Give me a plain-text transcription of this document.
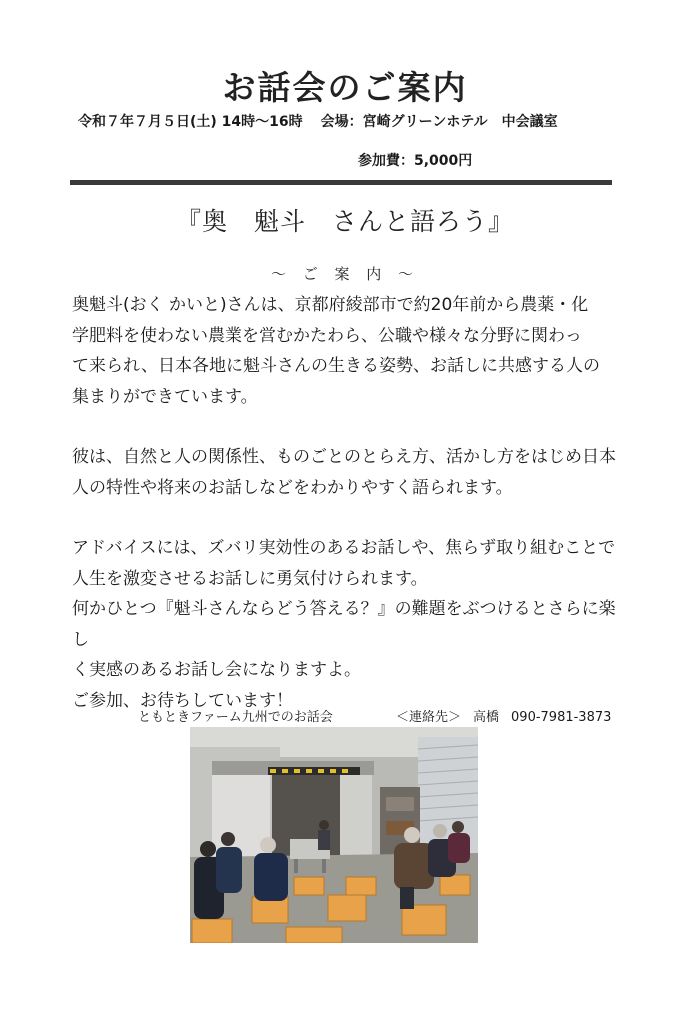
お話会のご案内
令和７年７月５日(土) 14時～16時 会場：宮崎グリーンホテル　中会議室
参加費：5,000円
『奥　魁斗　さんと語ろう』
～ ご 案 内 ～

奥魁斗(おく かいと)さんは、京都府綾部市で約20年前から農薬・化
学肥料を使わない農業を営むかたわら、公職や様々な分野に関わっ
て来られ、日本各地に魁斗さんの生きる姿勢、お話しに共感する人の
集まりができています。

彼は、自然と人の関係性、ものごとのとらえ方、活かし方をはじめ日本
人の特性や将来のお話しなどをわかりやすく語られます。

アドバイスには、ズバリ実効性のあるお話しや、焦らず取り組むことで
人生を激変させるお話しに勇気付けられます。
何かひとつ『魁斗さんならどう答える？』の難題をぶつけるとさらに楽し
く実感のあるお話し会になりますよ。
ご参加、お待ちしています！

ともときファーム九州でのお話会	＜連絡先＞ 高橋 090-7981-3873
